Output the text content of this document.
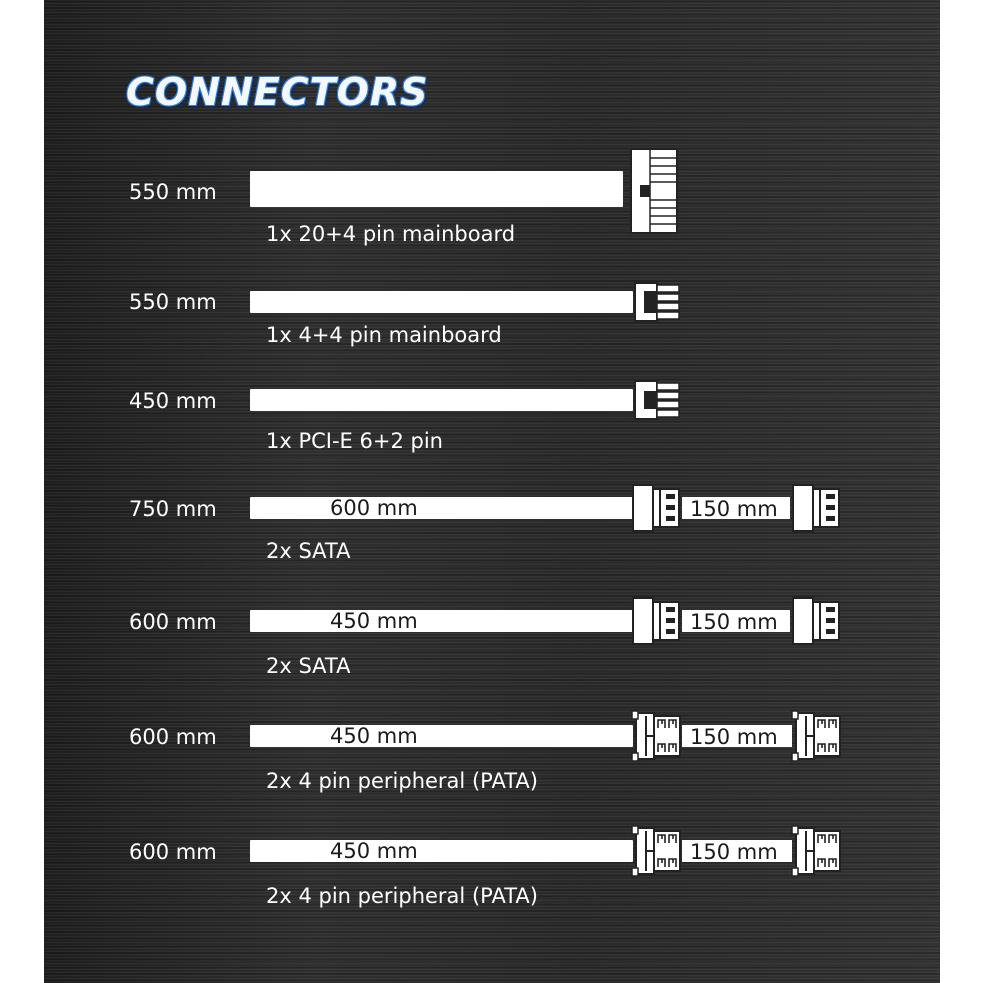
CONNECTORS
550 mm
1x 20+4 pin mainboard
550 mm
1x 4+4 pin mainboard
450 mm
1x PCI-E 6+2 pin
750 mm	600 mm	150 mm
2x SATA
600 mm	450 mm	150 mm
2x SATA
600 mm	450 mm	150 mm
2x 4 pin peripheral (PATA)
600 mm	450 mm	150 mm
2x 4 pin peripheral (PATA)
